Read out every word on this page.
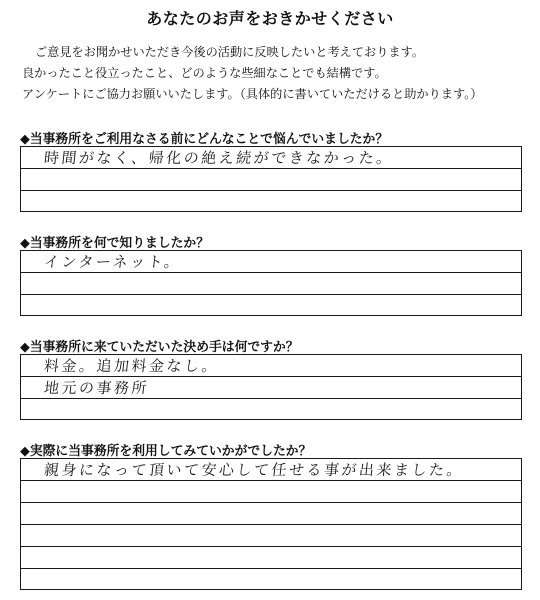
あなたのお声をおきかせください
ご意見をお聞かせいただき今後の活動に反映したいと考えております。
良かったこと役立ったこと、どのような些細なことでも結構です。
アンケートにご協力お願いいたします。（具体的に書いていただけると助かります。）
◆当事務所をご利用なさる前にどんなことで悩んでいましたか？
時間がなく、帰化の絶え続ができなかった。
◆当事務所を何で知りましたか？
インターネット。
◆当事務所に来ていただいた決め手は何ですか？
料金。追加料金なし。
地元の事務所
◆実際に当事務所を利用してみていかがでしたか？
親身になって頂いて安心して任せる事が出来ました。
